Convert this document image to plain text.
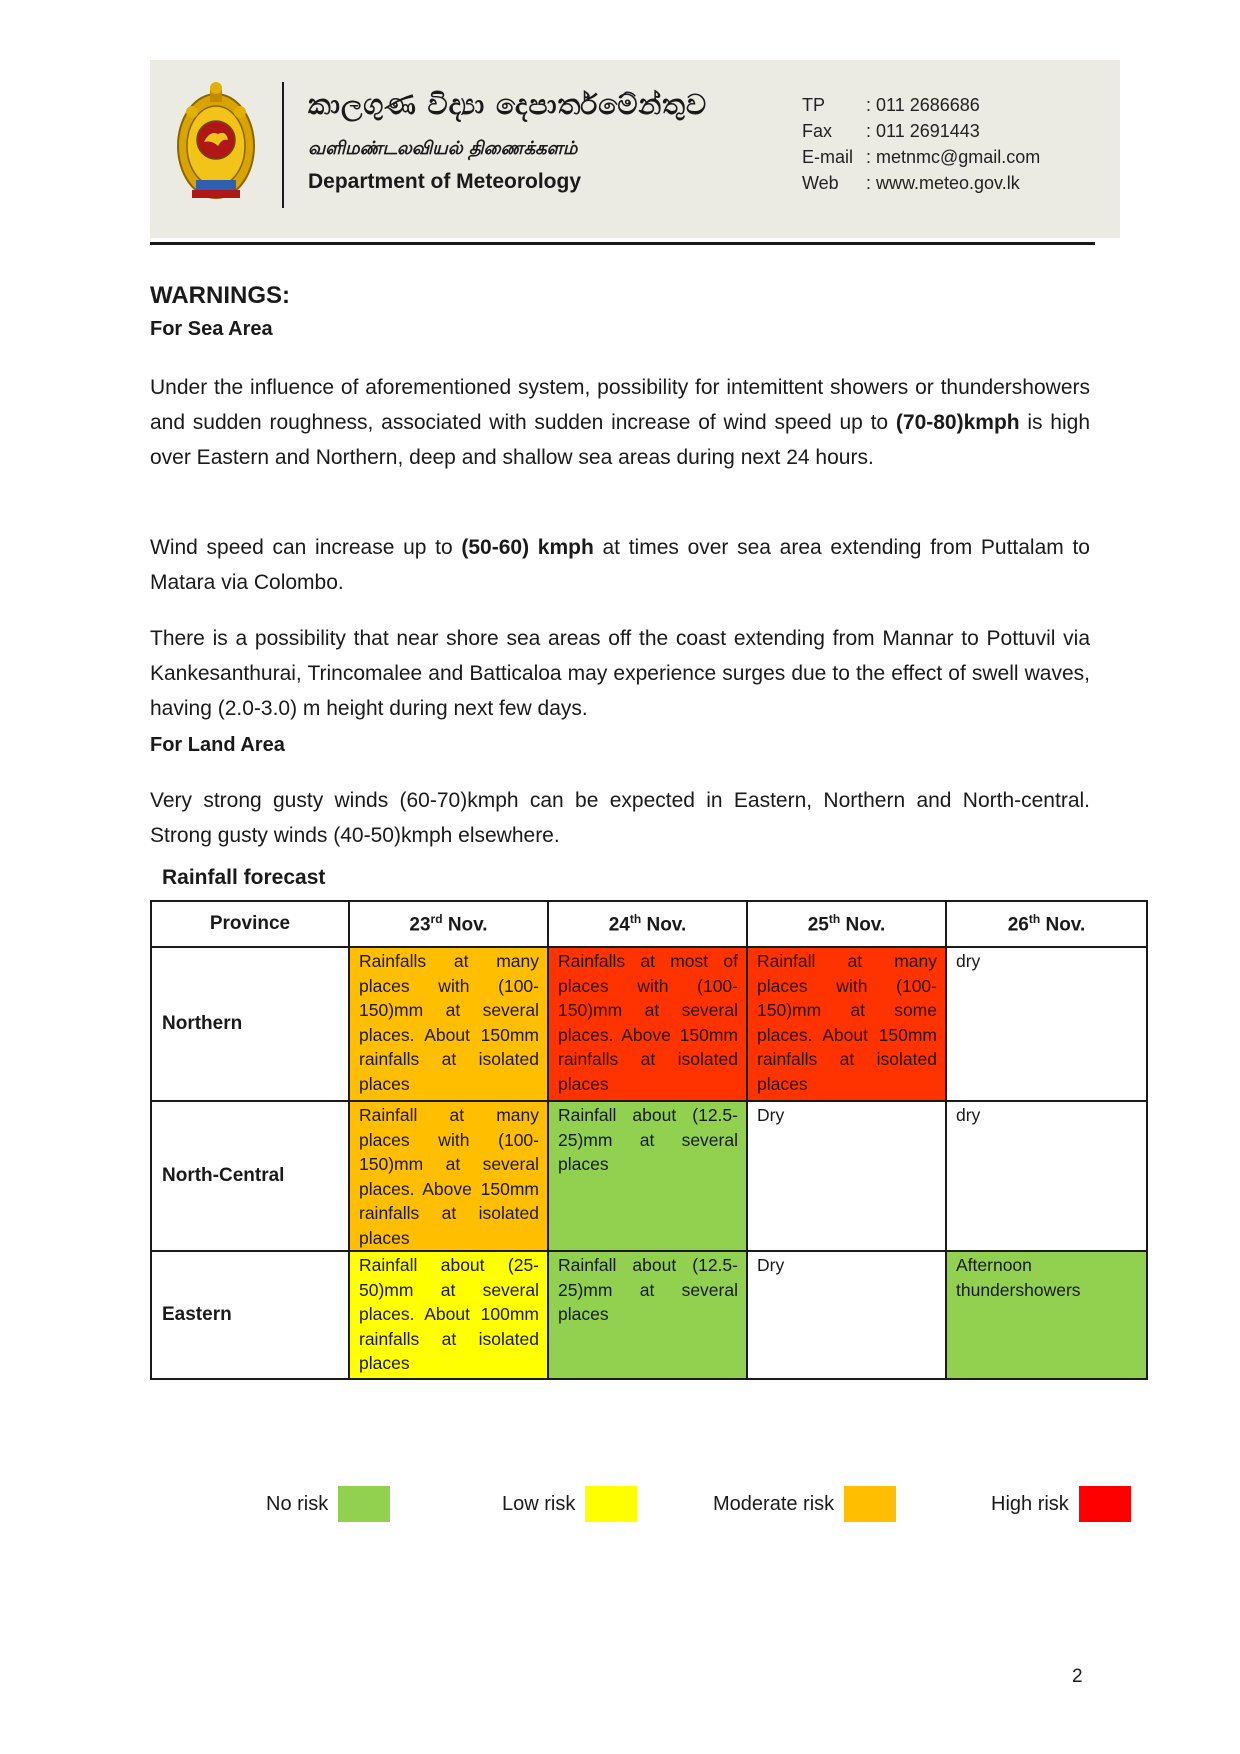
කාලගුණ විද්‍යා දෙපාර්තමේන්තුව
வளிமண்டலவியல் திணைக்களம்
Department of Meteorology
TP	: 011 2686686
Fax	: 011 2691443
E-mail : metnmc@gmail.com
Web	: www.meteo.gov.lk
WARNINGS:
For Sea Area
Under the influence of aforementioned system, possibility for intemittent showers or thundershowers and sudden roughness, associated with sudden increase of wind speed up to (70-80)kmph is high over Eastern and Northern, deep and shallow sea areas during next 24 hours.
Wind speed can increase up to (50-60) kmph at times over sea area extending from Puttalam to Matara via Colombo.
There is a possibility that near shore sea areas off the coast extending from Mannar to Pottuvil via Kankesanthurai, Trincomalee and Batticaloa may experience surges due to the effect of swell waves, having (2.0-3.0) m height during next few days.
For Land Area
Very strong gusty winds (60-70)kmph can be expected in Eastern, Northern and North-central. Strong gusty winds (40-50)kmph elsewhere.
Rainfall forecast
Province	23rd Nov.	24th Nov.	25th Nov.	26th Nov.
Northern	Rainfalls at many places with (100-150)mm at several places. About 150mm rainfalls at isolated places	Rainfalls at most of places with (100-150)mm at several places. Above 150mm rainfalls at isolated places	Rainfall at many places with (100-150)mm at some places. About 150mm rainfalls at isolated places	dry
North-Central	Rainfall at many places with (100-150)mm at several places. Above 150mm rainfalls at isolated places	Rainfall about (12.5-25)mm at several places	Dry	dry
Eastern	Rainfall about (25-50)mm at several places. About 100mm rainfalls at isolated places	Rainfall about (12.5-25)mm at several places	Dry	Afternoon thundershowers
No risk	Low risk	Moderate risk	High risk
2
